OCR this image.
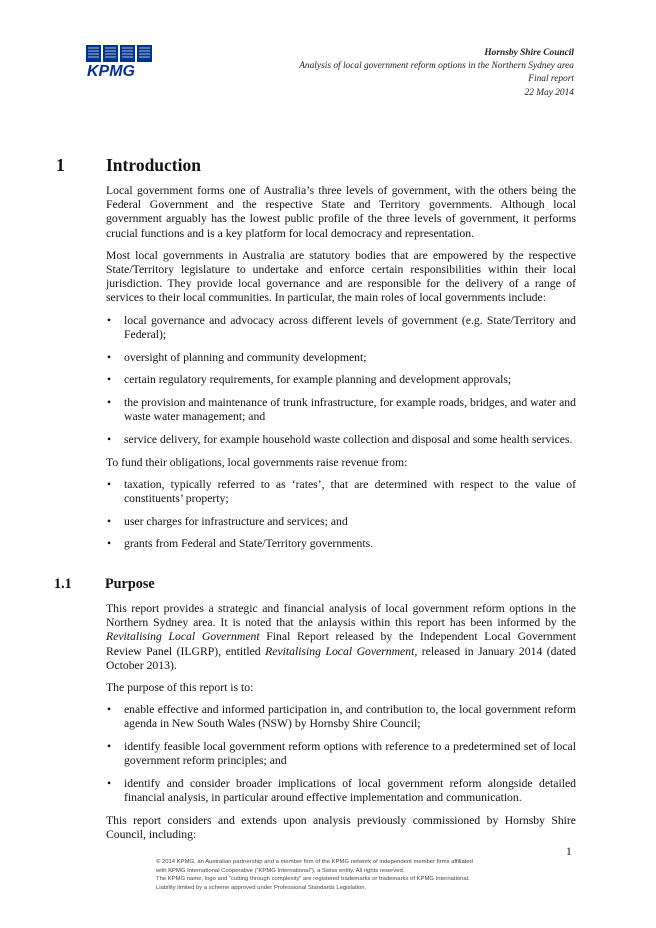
KPMG
Hornsby Shire Council
Analysis of local government reform options in the Northern Sydney area
Final report
22 May 2014
1 Introduction

Local government forms one of Australia’s three levels of government, with the others being the Federal Government and the respective State and Territory governments. Although local government arguably has the lowest public profile of the three levels of government, it performs crucial functions and is a key platform for local democracy and representation.

Most local governments in Australia are statutory bodies that are empowered by the respective State/Territory legislature to undertake and enforce certain responsibilities within their local jurisdiction. They provide local governance and are responsible for the delivery of a range of services to their local communities. In particular, the main roles of local governments include:

• local governance and advocacy across different levels of government (e.g. State/Territory and Federal);
• oversight of planning and community development;
• certain regulatory requirements, for example planning and development approvals;
• the provision and maintenance of trunk infrastructure, for example roads, bridges, and water and waste water management; and
• service delivery, for example household waste collection and disposal and some health services.

To fund their obligations, local governments raise revenue from:

• taxation, typically referred to as ‘rates’, that are determined with respect to the value of constituents’ property;
• user charges for infrastructure and services; and
• grants from Federal and State/Territory governments.
1.1 Purpose

This report provides a strategic and financial analysis of local government reform options in the Northern Sydney area. It is noted that the anlaysis within this report has been informed by the Revitalising Local Government Final Report released by the Independent Local Government Review Panel (ILGRP), entitled Revitalising Local Government, released in January 2014 (dated October 2013).

The purpose of this report is to:

• enable effective and informed participation in, and contribution to, the local government reform agenda in New South Wales (NSW) by Hornsby Shire Council;
• identify feasible local government reform options with reference to a predetermined set of local government reform principles; and
• identify and consider broader implications of local government reform alongside detailed financial analysis, in particular around effective implementation and communication.

This report considers and extends upon analysis previously commissioned by Hornsby Shire Council, including:

1
© 2014 KPMG, an Australian partnership and a member firm of the KPMG network of independent member firms affiliated
with KPMG International Cooperative (“KPMG International”), a Swiss entity. All rights reserved.
The KPMG name, logo and “cutting through complexity” are registered trademarks or trademarks of KPMG International.
Liability limited by a scheme approved under Professional Standards Legislation.
